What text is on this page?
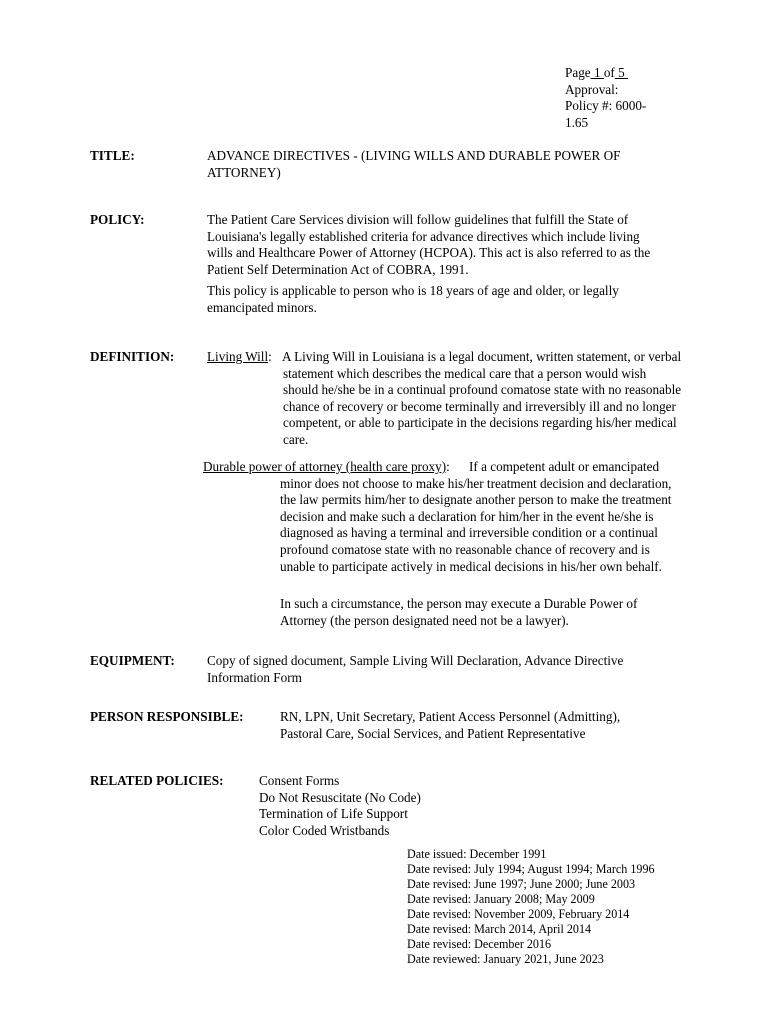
Page 1 of 5
Approval:
Policy #: 6000-
1.65
TITLE:	ADVANCE DIRECTIVES - (LIVING WILLS AND DURABLE POWER OF ATTORNEY)
POLICY:	The Patient Care Services division will follow guidelines that fulfill the State of Louisiana's legally established criteria for advance directives which include living wills and Healthcare Power of Attorney (HCPOA). This act is also referred to as the Patient Self Determination Act of COBRA, 1991.

This policy is applicable to person who is 18 years of age and older, or legally emancipated minors.

DEFINITION: Living Will: A Living Will in Louisiana is a legal document, written statement, or verbal statement which describes the medical care that a person would wish should he/she be in a continual profound comatose state with no reasonable chance of recovery or become terminally and irreversibly ill and no longer competent, or able to participate in the decisions regarding his/her medical care.
Durable power of attorney (health care proxy):	If a competent adult or emancipated minor does not choose to make his/her treatment decision and declaration, the law permits him/her to designate another person to make the treatment decision and make such a declaration for him/her in the event he/she is diagnosed as having a terminal and irreversible condition or a continual profound comatose state with no reasonable chance of recovery and is unable to participate actively in medical decisions in his/her own behalf.

In such a circumstance, the person may execute a Durable Power of Attorney (the person designated need not be a lawyer).
EQUIPMENT: Copy of signed document, Sample Living Will Declaration, Advance Directive Information Form
PERSON RESPONSIBLE:	RN, LPN, Unit Secretary, Patient Access Personnel (Admitting), Pastoral Care, Social Services, and Patient Representative
RELATED POLICIES:	Consent Forms
Do Not Resuscitate (No Code)
Termination of Life Support
Color Coded Wristbands
Date issued: December 1991
Date revised: July 1994; August 1994; March 1996
Date revised: June 1997; June 2000; June 2003
Date revised: January 2008; May 2009
Date revised: November 2009, February 2014
Date revised: March 2014, April 2014
Date revised: December 2016
Date reviewed: January 2021, June 2023
